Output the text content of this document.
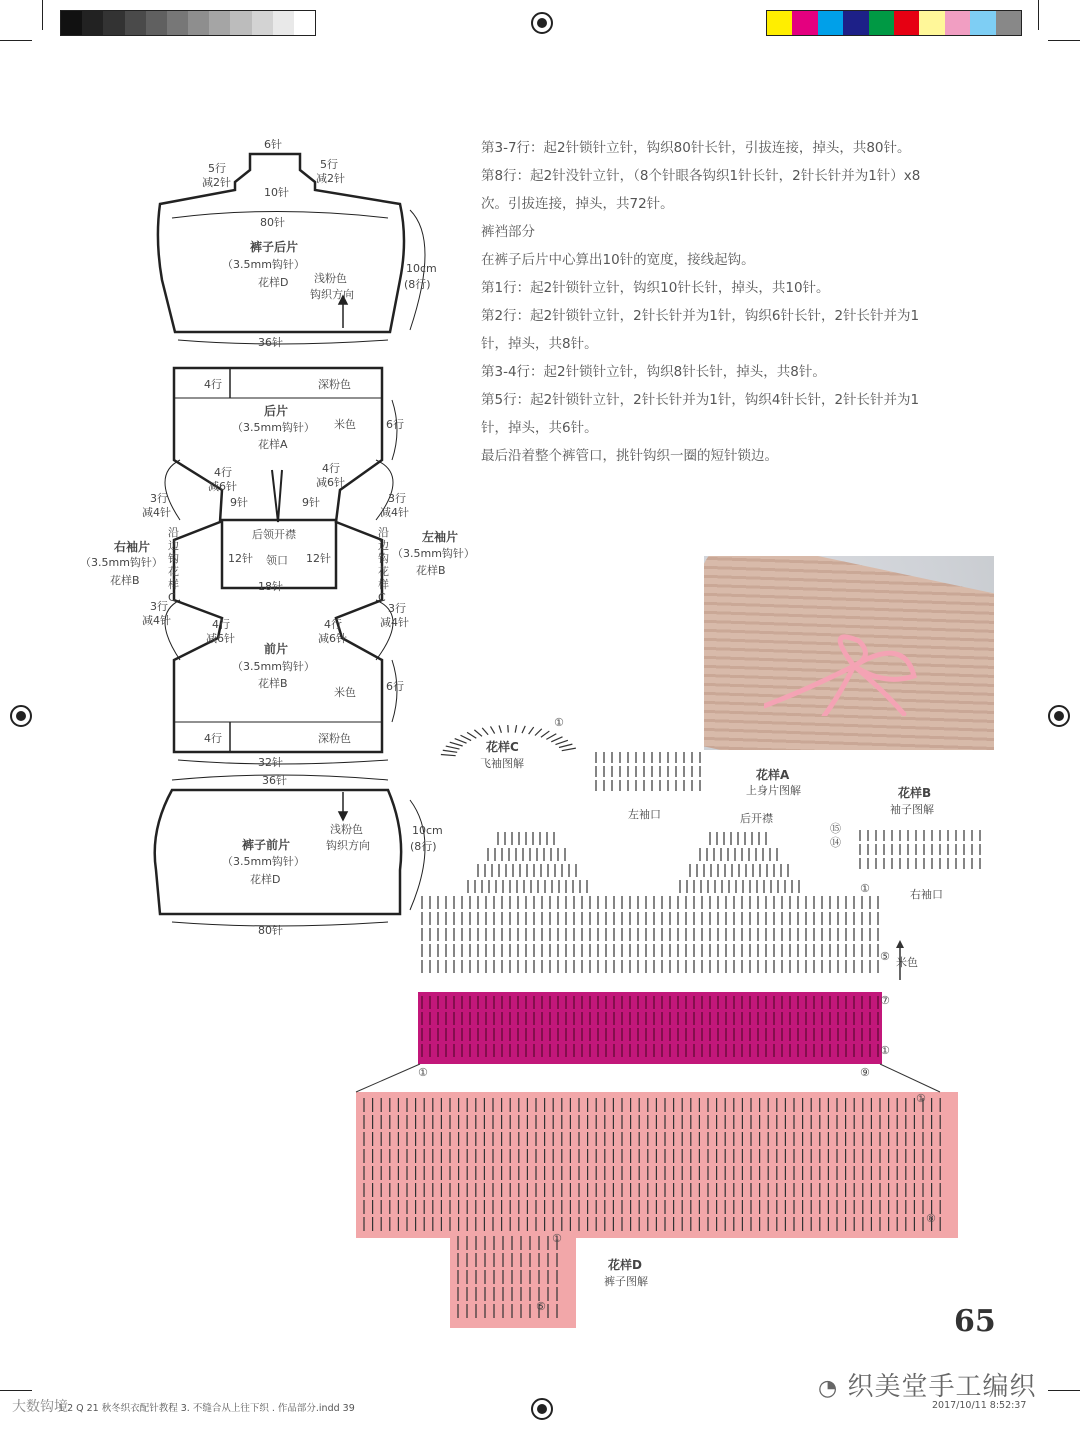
第3-7行：起2针锁针立针，钩织80针长针，引拔连接，掉头，共80针。

第8行：起2针没针立针，（8个针眼各钩织1针长针，2针长针并为1针）x8

次。引拔连接，掉头，共72针。

裤裆部分

在裤子后片中心算出10针的宽度，接线起钩。

第1行：起2针锁针立针，钩织10针长针，掉头，共10针。

第2行：起2针锁针立针，2针长针并为1针，钩织6针长针，2针长针并为1

针，掉头，共8针。

第3-4行：起2针锁针立针，钩织8针长针，掉头，共8针。

第5行：起2针锁针立针，2针长针并为1针，钩织4针长针，2针长针并为1

针，掉头，共6针。

最后沿着整个裤管口，挑针钩织一圈的短针锁边。

6针
5行
减2针
5行
减2针
10针
80针
裤子后片
（3.5mm钩针）
花样D 浅粉色
钩织方向
10cm
(8行)
36针
4行	深粉色
后片
（3.5mm钩针）
花样A
米色	6行
4行
减6针
4行
减6针
9针	9针
3行
减4针
3行
减4针
后领开襟
12针 领口 12针
18针
沿边钩花样C
沿边钩花样C
右袖片
（3.5mm钩针）
花样B
左袖片
（3.5mm钩针）
花样B
3行
减4针
3行
减4针
4行
减6针
4行
减6针
前片
（3.5mm钩针）
花样B
米色	6行
4行	深粉色
32针
36针
裤子前片
（3.5mm钩针）
花样D
浅粉色
钩织方向
10cm
(8行)
80针
花样C
飞袖图解
花样A
上身片图解	花样B
袖子图解
左袖口	后开襟
右袖口
米色
花样D
裤子图解
①
⑮
⑭
①
⑤
⑦
①
①	⑨
①
⑧
①
⑤	65
◔ 织美堂手工编织
1 2 Q 21 秋冬织衣配针教程 3. 不缝合从上往下织 . 作品部分.indd 39	2017/10/11 8:52:37
大数钩境
